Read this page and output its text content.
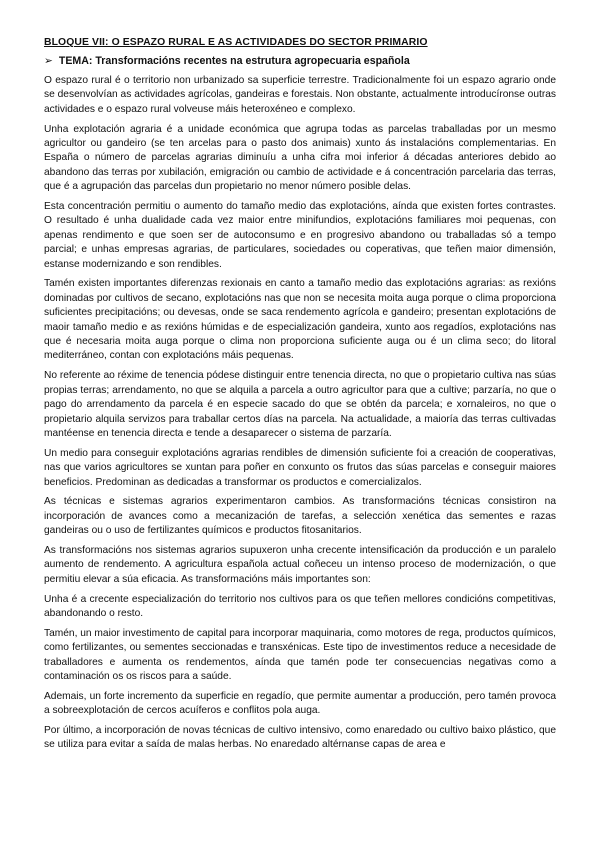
BLOQUE VII: O ESPAZO RURAL E AS ACTIVIDADES DO SECTOR PRIMARIO
➢ TEMA: Transformacións recentes na estrutura agropecuaria española

O espazo rural é o territorio non urbanizado sa superficie terrestre. Tradicionalmente foi un espazo agrario onde se desenvolvían as actividades agrícolas, gandeiras e forestais. Non obstante, actualmente introducíronse outras actividades e o espazo rural volveuse máis heteroxéneo e complexo.

Unha explotación agraria é a unidade económica que agrupa todas as parcelas traballadas por un mesmo agricultor ou gandeiro (se ten arcelas para o pasto dos animais) xunto ás instalacións complementarias. En España o número de parcelas agrarias diminuíu a unha cifra moi inferior á décadas anteriores debido ao abandono das terras por xubilación, emigración ou cambio de actividade e á concentración parcelaria das terras, que é a agrupación das parcelas dun propietario no menor número posible delas.

Esta concentración permitiu o aumento do tamaño medio das explotacións, aínda que existen fortes contrastes. O resultado é unha dualidade cada vez maior entre minifundios, explotacións familiares moi pequenas, con apenas rendimento e que soen ser de autoconsumo e en progresivo abandono ou traballadas só a tempo parcial; e unhas empresas agrarias, de particulares, sociedades ou coperativas, que teñen maior dimensión, estanse modernizando e son rendibles.

Tamén existen importantes diferenzas rexionais en canto a tamaño medio das explotacións agrarias: as rexións dominadas por cultivos de secano, explotacións nas que non se necesita moita auga porque o clima proporciona suficientes precipitacións; ou devesas, onde se saca rendemento agrícola e gandeiro; presentan explotacións de maoir tamaño medio e as rexións húmidas e de especialización gandeira, xunto aos regadíos, explotacións nas que é necesaria moita auga porque o clima non proporciona suficiente auga ou é un clima seco; do litoral mediterráneo, contan con explotacións máis pequenas.

No referente ao réxime de tenencia pódese distinguir entre tenencia directa, no que o propietario cultiva nas súas propias terras; arrendamento, no que se alquila a parcela a outro agricultor para que a cultive; parzaría, no que o pago do arrendamento da parcela é en especie sacado do que se obtén da parcela; e xornaleiros, no que o propietario alquila servizos para traballar certos días na parcela. Na actualidade, a maioría das terras cultivadas mantéense en tenencia directa e tende a desaparecer o sistema de parzaría.

Un medio para conseguir explotacións agrarias rendibles de dimensión suficiente foi a creación de cooperativas, nas que varios agricultores se xuntan para poñer en conxunto os frutos das súas parcelas e conseguir maiores beneficios. Predominan as dedicadas a transformar os productos e comercializalos.

As técnicas e sistemas agrarios experimentaron cambios. As transformacións técnicas consistiron na incorporación de avances como a mecanización de tarefas, a selección xenética das sementes e razas gandeiras ou o uso de fertilizantes químicos e productos fitosanitarios.

As transformacións nos sistemas agrarios supuxeron unha crecente intensificación da producción e un paralelo aumento de rendemento. A agricultura española actual coñeceu un intenso proceso de modernización, o que permitiu elevar a súa eficacia. As transformacións máis importantes son:

Unha é a crecente especialización do territorio nos cultivos para os que teñen mellores condicións competitivas, abandonando o resto.

Tamén, un maior investimento de capital para incorporar maquinaria, como motores de rega, productos químicos, como fertilizantes, ou sementes seccionadas e transxénicas. Este tipo de investimentos reduce a necesidade de traballadores e aumenta os rendementos, aínda que tamén pode ter consecuencias negativas como a contaminación os os riscos para a saúde.

Ademais, un forte incremento da superficie en regadío, que permite aumentar a producción, pero tamén provoca a sobreexplotación de cercos acuíferos e conflitos pola auga.

Por último, a incorporación de novas técnicas de cultivo intensivo, como enaredado ou cultivo baixo plástico, que se utiliza para evitar a saída de malas herbas. No enaredado altérnanse capas de area e
